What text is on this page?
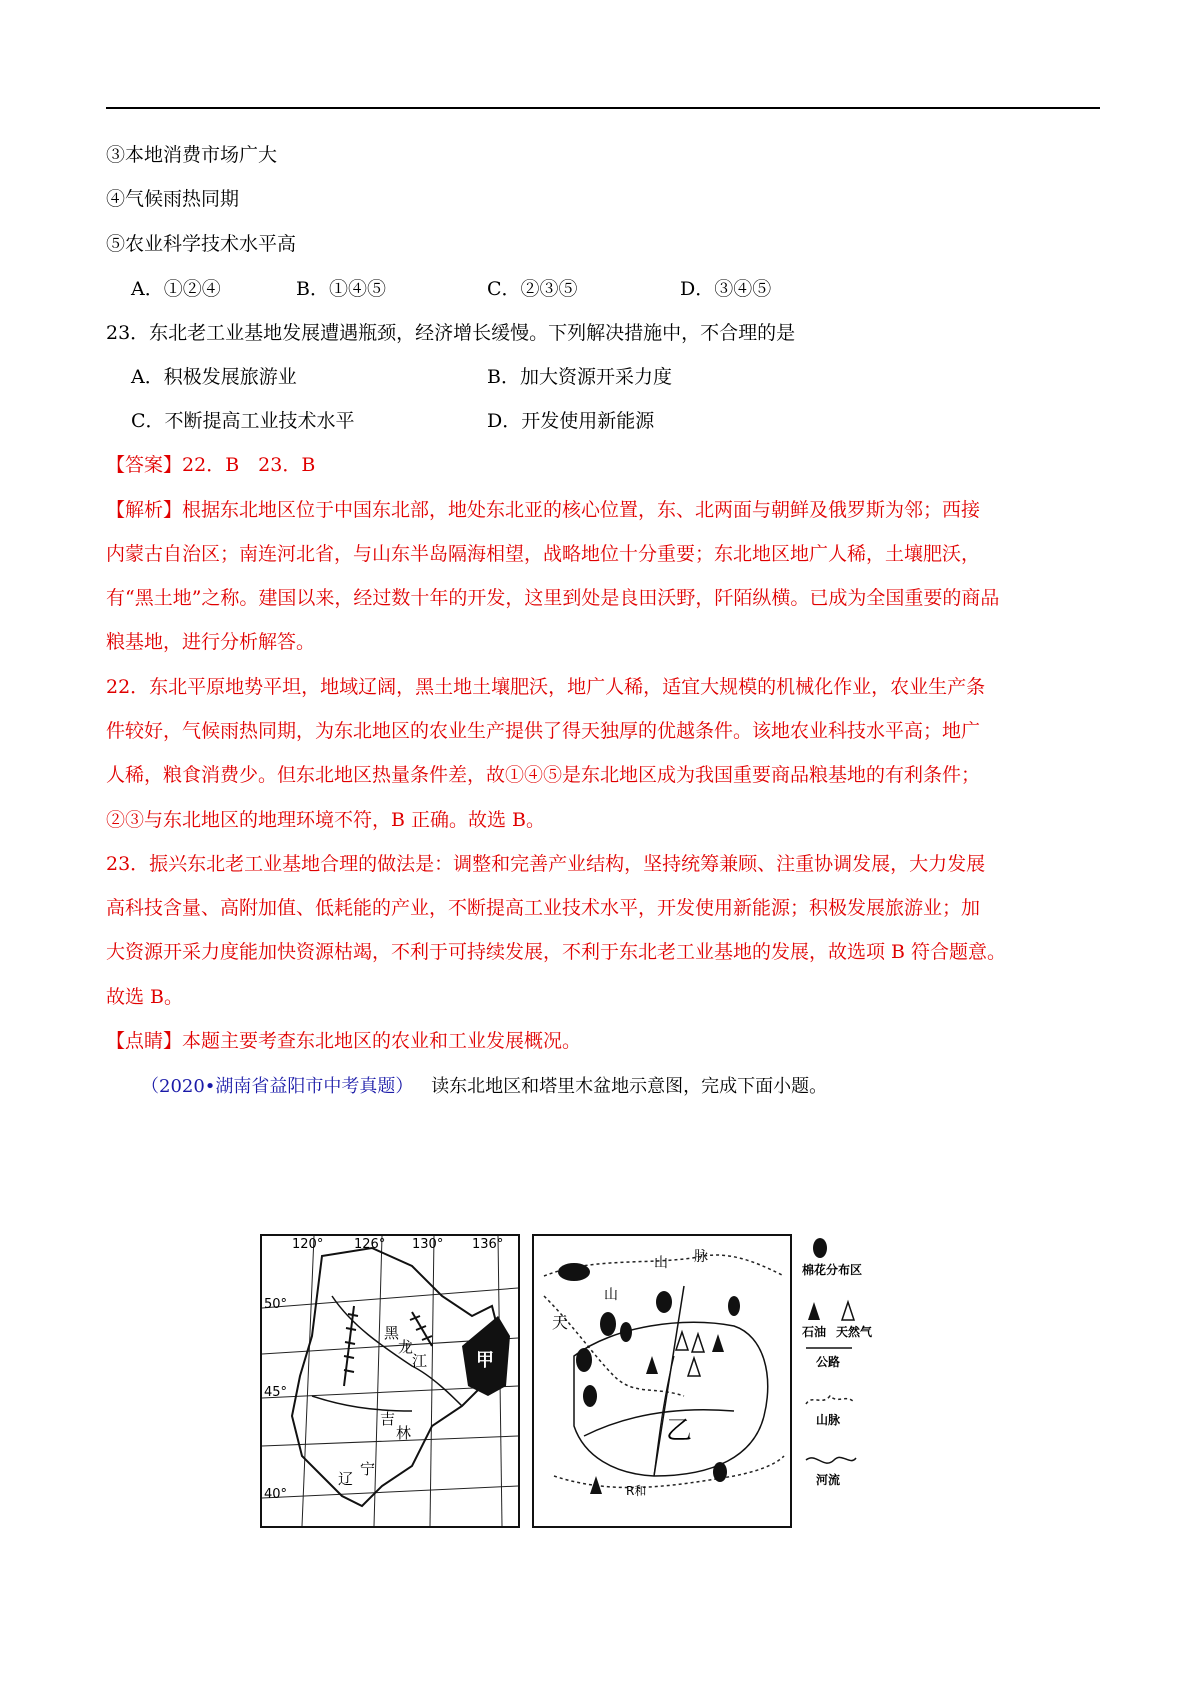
③本地消费市场广大
④气候雨热同期
⑤农业科学技术水平高
A．①②④	B．①④⑤	C．②③⑤	D．③④⑤
23．东北老工业基地发展遭遇瓶颈，经济增长缓慢。下列解决措施中，不合理的是
A．积极发展旅游业	B．加大资源开采力度
C．不断提高工业技术水平	D．开发使用新能源
【答案】22．B　23．B
【解析】根据东北地区位于中国东北部，地处东北亚的核心位置，东、北两面与朝鲜及俄罗斯为邻；西接
内蒙古自治区；南连河北省，与山东半岛隔海相望，战略地位十分重要；东北地区地广人稀，土壤肥沃，
有“黑土地”之称。建国以来，经过数十年的开发，这里到处是良田沃野，阡陌纵横。已成为全国重要的商品
粮基地，进行分析解答。
22．东北平原地势平坦，地域辽阔，黑土地土壤肥沃，地广人稀，适宜大规模的机械化作业，农业生产条
件较好，气候雨热同期，为东北地区的农业生产提供了得天独厚的优越条件。该地农业科技水平高；地广
人稀，粮食消费少。但东北地区热量条件差，故①④⑤是东北地区成为我国重要商品粮基地的有利条件；
②③与东北地区的地理环境不符，B 正确。故选 B。
23．振兴东北老工业基地合理的做法是：调整和完善产业结构，坚持统筹兼顾、注重协调发展，大力发展
高科技含量、高附加值、低耗能的产业，不断提高工业技术水平，开发使用新能源；积极发展旅游业；加
大资源开采力度能加快资源枯竭，不利于可持续发展，不利于东北老工业基地的发展，故选项 B 符合题意。
故选 B。
【点睛】本题主要考查东北地区的农业和工业发展概况。
（2020•湖南省益阳市中考真题） 读东北地区和塔里木盆地示意图，完成下面小题。
120° 126° 130° 136°
50°
45°
40°
甲
黑
龙
江
吉
林
辽
宁
天
山
山 脉
乙
R和
棉花分布区
石油 天然气
公路
山脉
河流
